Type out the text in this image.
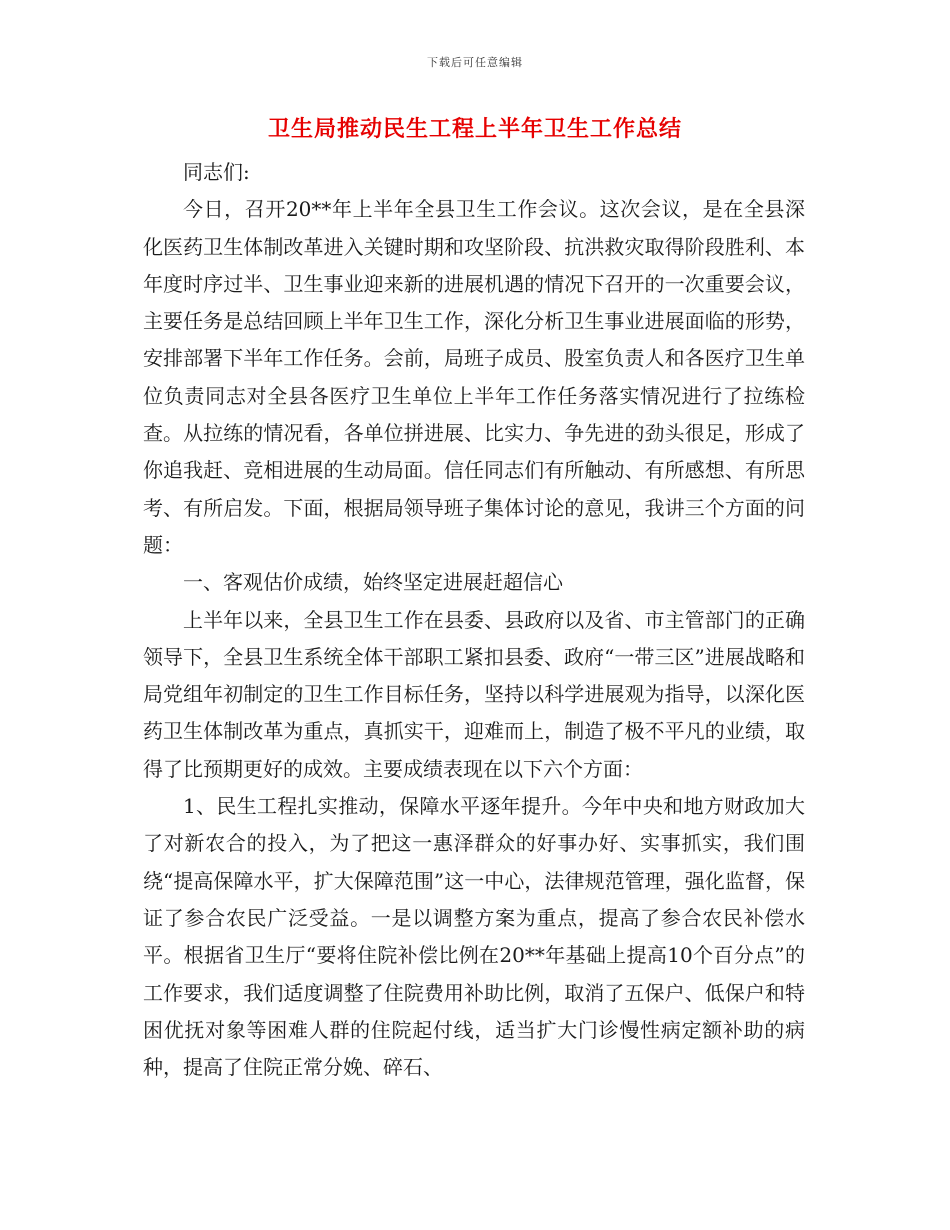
下载后可任意编辑
卫生局推动民生工程上半年卫生工作总结

同志们:

今日，召开20**年上半年全县卫生工作会议。这次会议，是在全县深化医药卫生体制改革进入关键时期和攻坚阶段、抗洪救灾取得阶段胜利、本年度时序过半、卫生事业迎来新的进展机遇的情况下召开的一次重要会议，主要任务是总结回顾上半年卫生工作，深化分析卫生事业进展面临的形势，安排部署下半年工作任务。会前，局班子成员、股室负责人和各医疗卫生单位负责同志对全县各医疗卫生单位上半年工作任务落实情况进行了拉练检查。从拉练的情况看，各单位拼进展、比实力、争先进的劲头很足，形成了你追我赶、竞相进展的生动局面。信任同志们有所触动、有所感想、有所思考、有所启发。下面，根据局领导班子集体讨论的意见，我讲三个方面的问题：

一、客观估价成绩，始终坚定进展赶超信心

上半年以来，全县卫生工作在县委、县政府以及省、市主管部门的正确领导下，全县卫生系统全体干部职工紧扣县委、政府“一带三区”进展战略和局党组年初制定的卫生工作目标任务，坚持以科学进展观为指导，以深化医药卫生体制改革为重点，真抓实干，迎难而上，制造了极不平凡的业绩，取得了比预期更好的成效。主要成绩表现在以下六个方面：

1、民生工程扎实推动，保障水平逐年提升。今年中央和地方财政加大了对新农合的投入，为了把这一惠泽群众的好事办好、实事抓实，我们围绕“提高保障水平，扩大保障范围”这一中心，法律规范管理，强化监督，保证了参合农民广泛受益。一是以调整方案为重点，提高了参合农民补偿水平。根据省卫生厅“要将住院补偿比例在20**年基础上提高10个百分点”的工作要求，我们适度调整了住院费用补助比例，取消了五保户、低保户和特困优抚对象等困难人群的住院起付线，适当扩大门诊慢性病定额补助的病种，提高了住院正常分娩、碎石、
